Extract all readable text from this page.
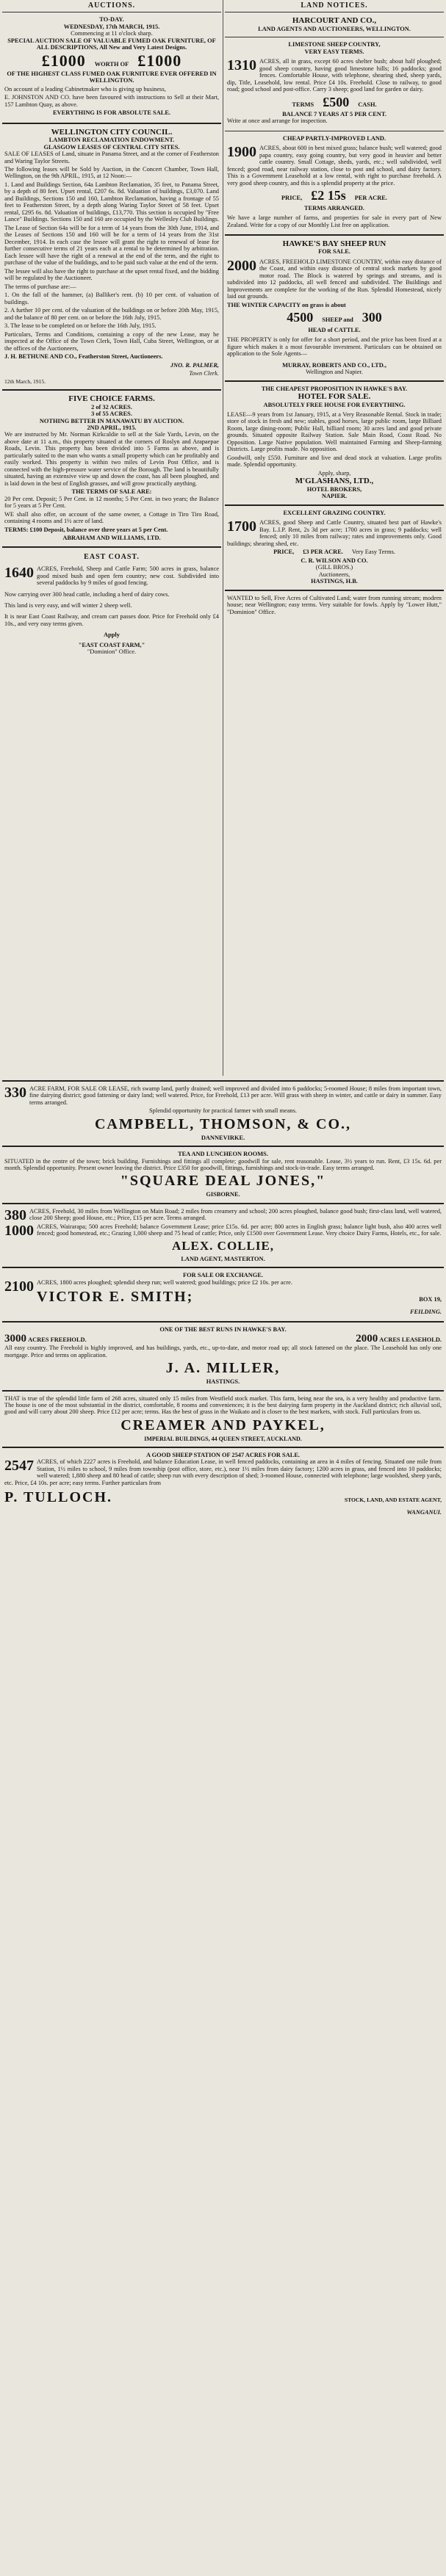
AUCTIONS.
TO-DAY.
WEDNESDAY, 17th MARCH, 1915.
Commencing at 11 o'clock sharp.

SPECIAL AUCTION SALE OF VALUABLE FUMED OAK FURNITURE, OF ALL DESCRIPTIONS, All New and Very Latest Designs.

£1000 WORTH OF £1000

OF THE HIGHEST CLASS FUMED OAK FURNITURE EVER OFFERED IN WELLINGTON.

On account of a leading Cabinetmaker who is giving up business,

E. JOHNSTON AND CO. have been favoured with instructions to Sell at their Mart, 157 Lambton Quay, as above.

EVERYTHING IS FOR ABSOLUTE SALE.

WELLINGTON CITY COUNCIL.
LAMBTON RECLAMATION ENDOWMENT.
GLASGOW LEASES OF CENTRAL CITY SITES.

SALE OF LEASES of Land, situate in Panama Street, and at the corner of Featherston and Waring Taylor Streets.

The following leases will be Sold by Auction, in the Concert Chamber, Town Hall, Wellington, on the 9th APRIL, 1915, at 12 Noon:—

1. Land and Buildings Section, 64a Lambton Reclamation, 35 feet, to Panama Street, by a depth of 80 feet. Upset rental, £207 6s. 8d. Valuation of buildings, £3,070. Land and Buildings, Sections 150 and 160, Lambton Reclamation, having a frontage of 55 feet to Featherston Street, by a depth along Waring Taylor Street of 58 feet. Upset rental, £295 6s. 8d. Valuation of buildings, £13,770. This section is occupied by "Free Lance" Buildings. Sections 150 and 160 are occupied by the Wellesley Club Buildings.

The Lease of Section 64a will be for a term of 14 years from the 30th June, 1914, and the Leases of Sections 150 and 160 will be for a term of 14 years from the 31st December, 1914. In each case the lessee will grant the right to renewal of lease for further consecutive terms of 21 years each at a rental to be determined by arbitration. Each lessee will have the right of a renewal at the end of the term, and the right to purchase of the value of the buildings, and to be paid such value at the end of the term.

The lessee will also have the right to purchase at the upset rental fixed, and the bidding will be regulated by the Auctioneer.

The terms of purchase are:—

1. On the fall of the hammer, (a) Balliker's rent. (b) 10 per cent. of valuation of buildings.

2. A further 10 per cent. of the valuation of the buildings on or before 20th May, 1915, and the balance of 80 per cent. on or before the 16th July, 1915.

3. The lease to be completed on or before the 16th July, 1915.

Particulars, Terms and Conditions, containing a copy of the new Lease, may be inspected at the Office of the Town Clerk, Town Hall, Cuba Street, Wellington, or at the offices of the Auctioneers,

J. H. BETHUNE AND CO., Featherston Street, Auctioneers.

JNO. R. PALMER,
Town Clerk.
12th March, 1915.
FIVE CHOICE FARMS.
2 of 32 ACRES.
3 of 55 ACRES.
NOTHING BETTER IN MANAWATU BY AUCTION.
2ND APRIL, 1915.

We are instructed by Mr. Norman Kirkcaldie to sell at the Sale Yards, Levin, on the above date at 11 a.m., this property situated at the corners of Roslyn and Arapaepae Roads, Levin. This property has been divided into 5 Farms as above, and is particularly suited to the man who wants a small property which can be profitably and easily worked. This property is within two miles of Levin Post Office, and is connected with the high-pressure water service of the Borough. The land is beautifully situated, having an extensive view up and down the coast, has all been ploughed, and is laid down in the best of English grasses, and will grow practically anything.

THE TERMS OF SALE ARE:

20 Per cent. Deposit; 5 Per Cent. in 12 months; 5 Per Cent. in two years; the Balance for 5 years at 5 Per Cent.

WE shall also offer, on account of the same owner, a Cottage in Tiro Tiro Road, containing 4 rooms and 1½ acre of land.

TERMS: £100 Deposit, balance over three years at 5 per Cent.

ABRAHAM AND WILLIAMS, LTD.
EAST COAST.

1640 ACRES, Freehold, Sheep and Cattle Farm; 500 acres in grass, balance good mixed bush and open fern country; new cost. Subdivided into several paddocks by 9 miles of good fencing.

Now carrying over 300 head cattle, including a herd of dairy cows.

This land is very easy, and will winter 2 sheep well.

It is near East Coast Railway, and cream cart passes door. Price for Freehold only £4 10s., and very easy terms given.

Apply
"EAST COAST FARM,"
"Dominion" Office.
LAND NOTICES.
HARCOURT AND CO.,
LAND AGENTS AND AUCTIONEERS, WELLINGTON.
LIMESTONE SHEEP COUNTRY,
VERY EASY TERMS.

1310 ACRES, all in grass, except 60 acres shelter bush; about half ploughed; good sheep country, having good limestone hills; 16 paddocks; good fences. Comfortable House, with telephone, shearing shed, sheep yards, dip, Title, Leasehold, low rental. Price £4 10s. Freehold. Close to railway, to good road; good school and post-office. Carry 3 sheep; good land for garden or dairy.

TERMS £500 CASH.
BALANCE 7 YEARS AT 5 PER CENT.

Write at once and arrange for inspection.

CHEAP PARTLY-IMPROVED LAND.

1900 ACRES, about 600 in best mixed grass; balance bush; well watered; good papa country, easy going country, but very good in heavier and better cattle country. Small Cottage, sheds, yards, etc.; well subdivided, well fenced; good road, near railway station, close to post and school, and dairy factory. This is a Government Leasehold at a low rental, with right to purchase freehold. A very good sheep country, and this is a splendid property at the price.

PRICE, £2 15s PER ACRE.
TERMS ARRANGED.

We have a large number of farms, and properties for sale in every part of New Zealand. Write for a copy of our Monthly List free on application.

HAWKE'S BAY SHEEP RUN
FOR SALE.

2000 ACRES, FREEHOLD LIMESTONE COUNTRY, within easy distance of the Coast, and within easy distance of central stock markets by good motor road. The Block is watered by springs and streams, and is subdivided into 12 paddocks, all well fenced and subdivided. The Buildings and Improvements are complete for the working of the Run. Splendid Homestead, nicely laid out grounds.

THE WINTER CAPACITY on grass is about

4500 SHEEP and 300
HEAD of CATTLE.

THE PROPERTY is only for offer for a short period, and the price has been fixed at a figure which makes it a most favourable investment. Particulars can be obtained on application to the Sole Agents—

MURRAY, ROBERTS AND CO., LTD.,
Wellington and Napier.
THE CHEAPEST PROPOSITION IN HAWKE'S BAY.
HOTEL FOR SALE.
ABSOLUTELY FREE HOUSE FOR EVERYTHING.

LEASE—9 years from 1st January, 1915, at a Very Reasonable Rental. Stock in trade; store of stock in fresh and new; stables, good horses, large public room, large Billiard Room, large dining-room; Public Hall, billiard room; 30 acres land and good private grounds. Situated opposite Railway Station. Sale Main Road, Coast Road. No Opposition. Large Native population. Well maintained Farming and Sheep-farming Districts. Large profits made. No opposition.

Goodwill, only £550. Furniture and live and dead stock at valuation. Large profits made. Splendid opportunity.

Apply, sharp,
M'GLASHANS, LTD.,
HOTEL BROKERS,
NAPIER.
EXCELLENT GRAZING COUNTRY.

1700 ACRES, good Sheep and Cattle Country, situated best part of Hawke's Bay. L.I.P. Rent, 2s 3d per acre; 1700 acres in grass; 9 paddocks; well fenced; only 10 miles from railway; rates and improvements only. Good buildings; shearing shed, etc.

PRICE, £3 PER ACRE. Very Easy Terms.
C. R. WILSON AND CO.
(GILL BROS.)
Auctioneers,
HASTINGS, H.B.

WANTED to Sell, Five Acres of Cultivated Land; water from running stream; modern house; near Wellington; easy terms. Very suitable for fowls. Apply by "Lower Hutt," "Dominion" Office.

330 ACRE FARM, FOR SALE OR LEASE, rich swamp land, partly drained; well improved and divided into 6 paddocks; 5-roomed House; 8 miles from important town, fine dairying district; good fattening or dairy land; well watered. Price, for Freehold, £13 per acre. Will grass with sheep in winter, and cattle or dairy in summer. Easy terms arranged.

Splendid opportunity for practical farmer with small means.

CAMPBELL, THOMSON, & CO.,
DANNEVIRKE.
TEA AND LUNCHEON ROOMS.

SITUATED in the centre of the town; brick building. Furnishings and fittings all complete; goodwill for sale, rent reasonable. Lease, 3½ years to run. Rent, £3 15s. 6d. per month. Splendid opportunity. Present owner leaving the district. Price £350 for goodwill, fittings, furnishings and stock-in-trade. Easy terms arranged.

"SQUARE DEAL JONES,"
GISBORNE.

380 ACRES, Freehold, 30 miles from Wellington on Main Road; 2 miles from creamery and school; 200 acres ploughed, balance good bush; first-class land, well watered, close 200 Sheep; good House, etc.; Price, £15 per acre. Terms arranged.

1000 ACRES, Wairarapa; 500 acres Freehold; balance Government Lease; price £15s. 6d. per acre; 800 acres in English grass; balance light bush, also 400 acres well fenced; good homestead, etc.; Grazing 1,000 sheep and 75 head of cattle; Price, only £1500 over Government Lease. Very choice Dairy Farms, Hotels, etc., for sale.

ALEX. COLLIE,
LAND AGENT, MASTERTON.
FOR SALE OR EXCHANGE.

2100 ACRES, 1800 acres ploughed; splendid sheep run; well watered; good buildings; price £2 10s. per acre.

VICTOR E. SMITH;	BOX 19,
FEILDING.
ONE OF THE BEST RUNS IN HAWKE'S BAY.
3000 ACRES FREEHOLD.	2000 ACRES LEASEHOLD.

All easy country. The Freehold is highly improved, and has buildings, yards, etc., up-to-date, and motor road up; all stock fattened on the place. The Leasehold has only one mortgage. Price and terms on application.

J. A. MILLER,
HASTINGS.

THAT is true of the splendid little farm of 268 acres, situated only 15 miles from Westfield stock market. This farm, being near the sea, is a very healthy and productive farm. The house is one of the most substantial in the district, comfortable, 8 rooms and conveniences; it is the best dairying farm property in the Auckland district; rich alluvial soil, good and will carry about 200 sheep. Price £12 per acre; terms. Has the best of grass in the Waikato and is closer to the best markets, with stock. Full particulars from us.

CREAMER AND PAYKEL,
IMPERIAL BUILDINGS, 44 QUEEN STREET, AUCKLAND.
A GOOD SHEEP STATION OF 2547 ACRES FOR SALE.

2547 ACRES, of which 2227 acres is Freehold, and balance Education Lease, in well fenced paddocks, containing an area in 4 miles of fencing. Situated one mile from Station, 1½ miles to school, 9 miles from township (post office, store, etc.), near 1½ miles from dairy factory; 1200 acres in grass, and fenced into 10 paddocks; well watered; 1,880 sheep and 80 head of cattle; sheep run with every description of shed; 3-roomed House, connected with telephone; large woolshed, sheep yards, etc. Price, £4 10s. per acre; easy terms. Further particulars from

P. TULLOCH.	STOCK, LAND, AND ESTATE AGENT,
WANGANUI.
